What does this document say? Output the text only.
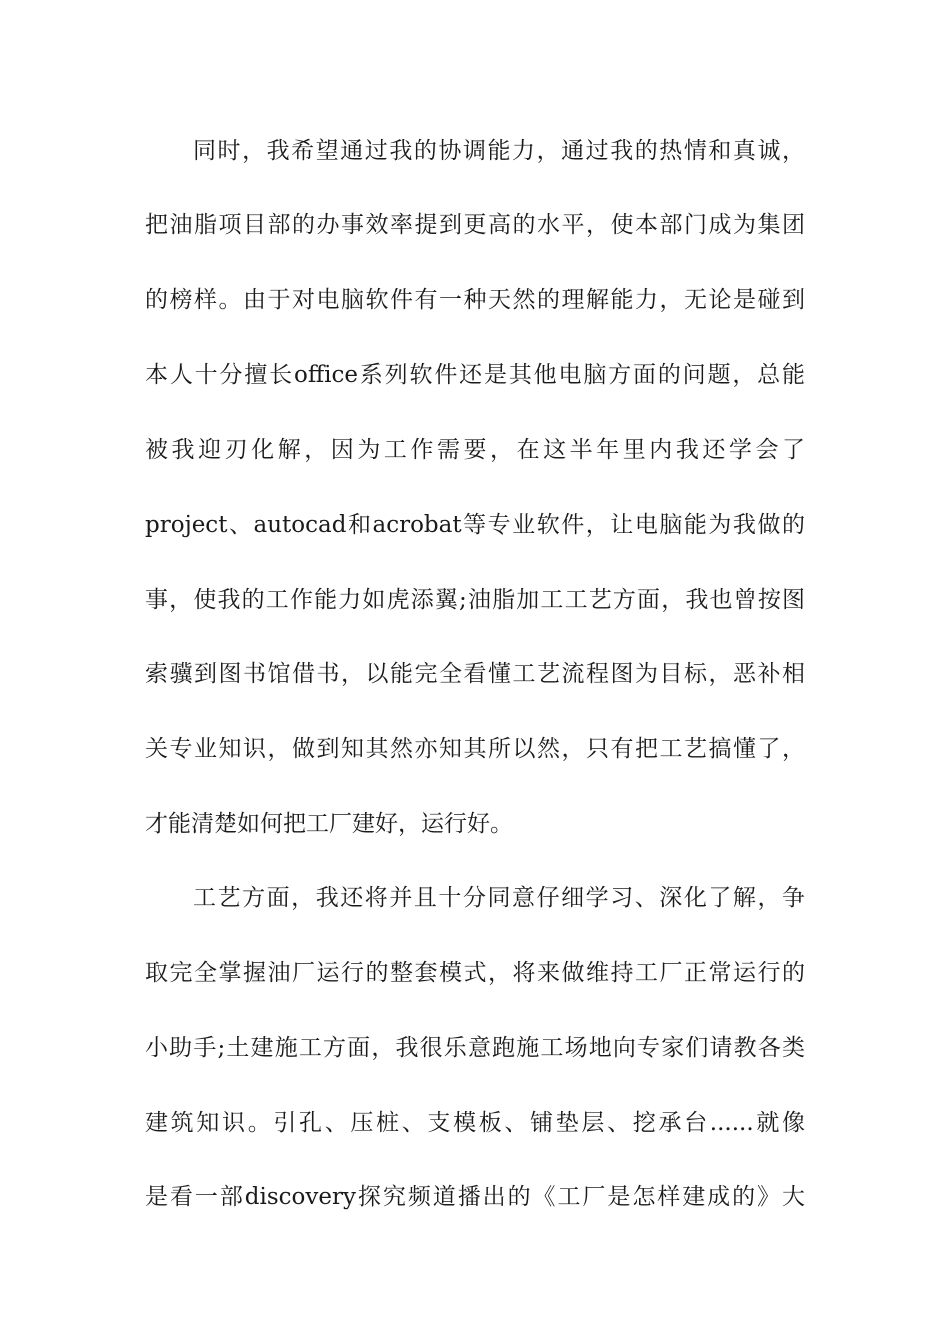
同时，我希望通过我的协调能力，通过我的热情和真诚，
把油脂项目部的办事效率提到更高的水平，使本部门成为集团
的榜样。由于对电脑软件有一种天然的理解能力，无论是碰到
本人十分擅长office系列软件还是其他电脑方面的问题，总能
被我迎刃化解，因为工作需要，在这半年里内我还学会了
project、autocad和acrobat等专业软件，让电脑能为我做的
事，使我的工作能力如虎添翼;油脂加工工艺方面，我也曾按图
索骥到图书馆借书，以能完全看懂工艺流程图为目标，恶补相
关专业知识，做到知其然亦知其所以然，只有把工艺搞懂了，
才能清楚如何把工厂建好，运行好。
工艺方面，我还将并且十分同意仔细学习、深化了解，争
取完全掌握油厂运行的整套模式，将来做维持工厂正常运行的
小助手;土建施工方面，我很乐意跑施工场地向专家们请教各类
建筑知识。引孔、压桩、支模板、铺垫层、挖承台......就像
是看一部discovery探究频道播出的《工厂是怎样建成的》大
